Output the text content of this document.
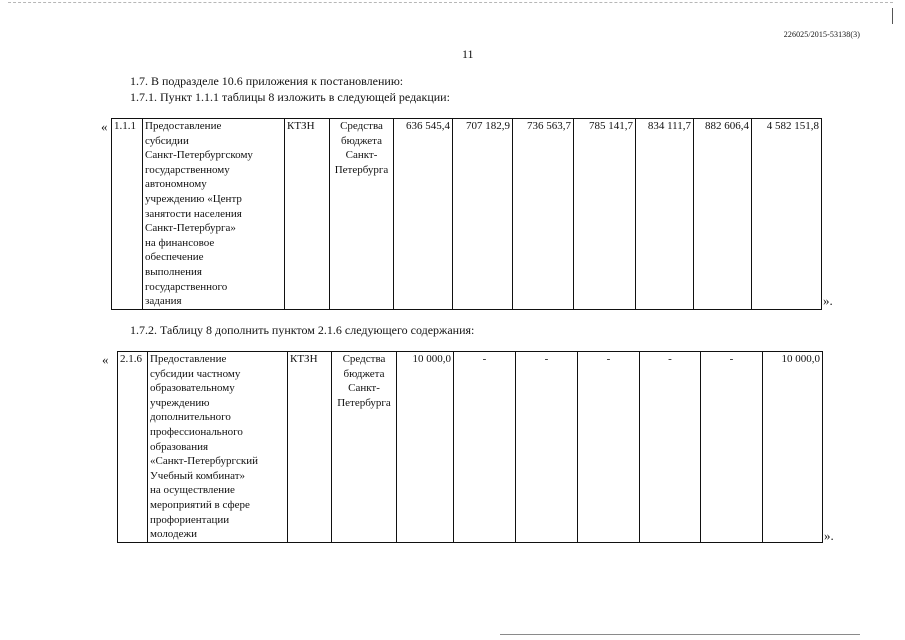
226025/2015-53138(3)
11
1.7. В подразделе 10.6 приложения к постановлению:
1.7.1. Пункт 1.1.1 таблицы 8 изложить в следующей редакции:
« 1.1.1	Предоставление
субсидии
Санкт-Петербургскому
государственному
автономному
учреждению «Центр
занятости населения
Санкт-Петербурга»
на финансовое
обеспечение
выполнения
государственного
задания
	КТЗН	Средства
бюджета
Санкт-
Петербурга
	636 545,4	707 182,9	736 563,7	785 141,7	834 111,7	882 606,4	4 582 151,8
».
1.7.2. Таблицу 8 дополнить пунктом 2.1.6 следующего содержания:
« 2.1.6	Предоставление
субсидии частному
образовательному
учреждению
дополнительного
профессионального
образования
«Санкт-Петербургский
Учебный комбинат»
на осуществление
мероприятий в сфере
профориентации
молодежи
	КТЗН	Средства
бюджета
Санкт-
Петербурга
	10 000,0	-	-	-	-	-	10 000,0
».
